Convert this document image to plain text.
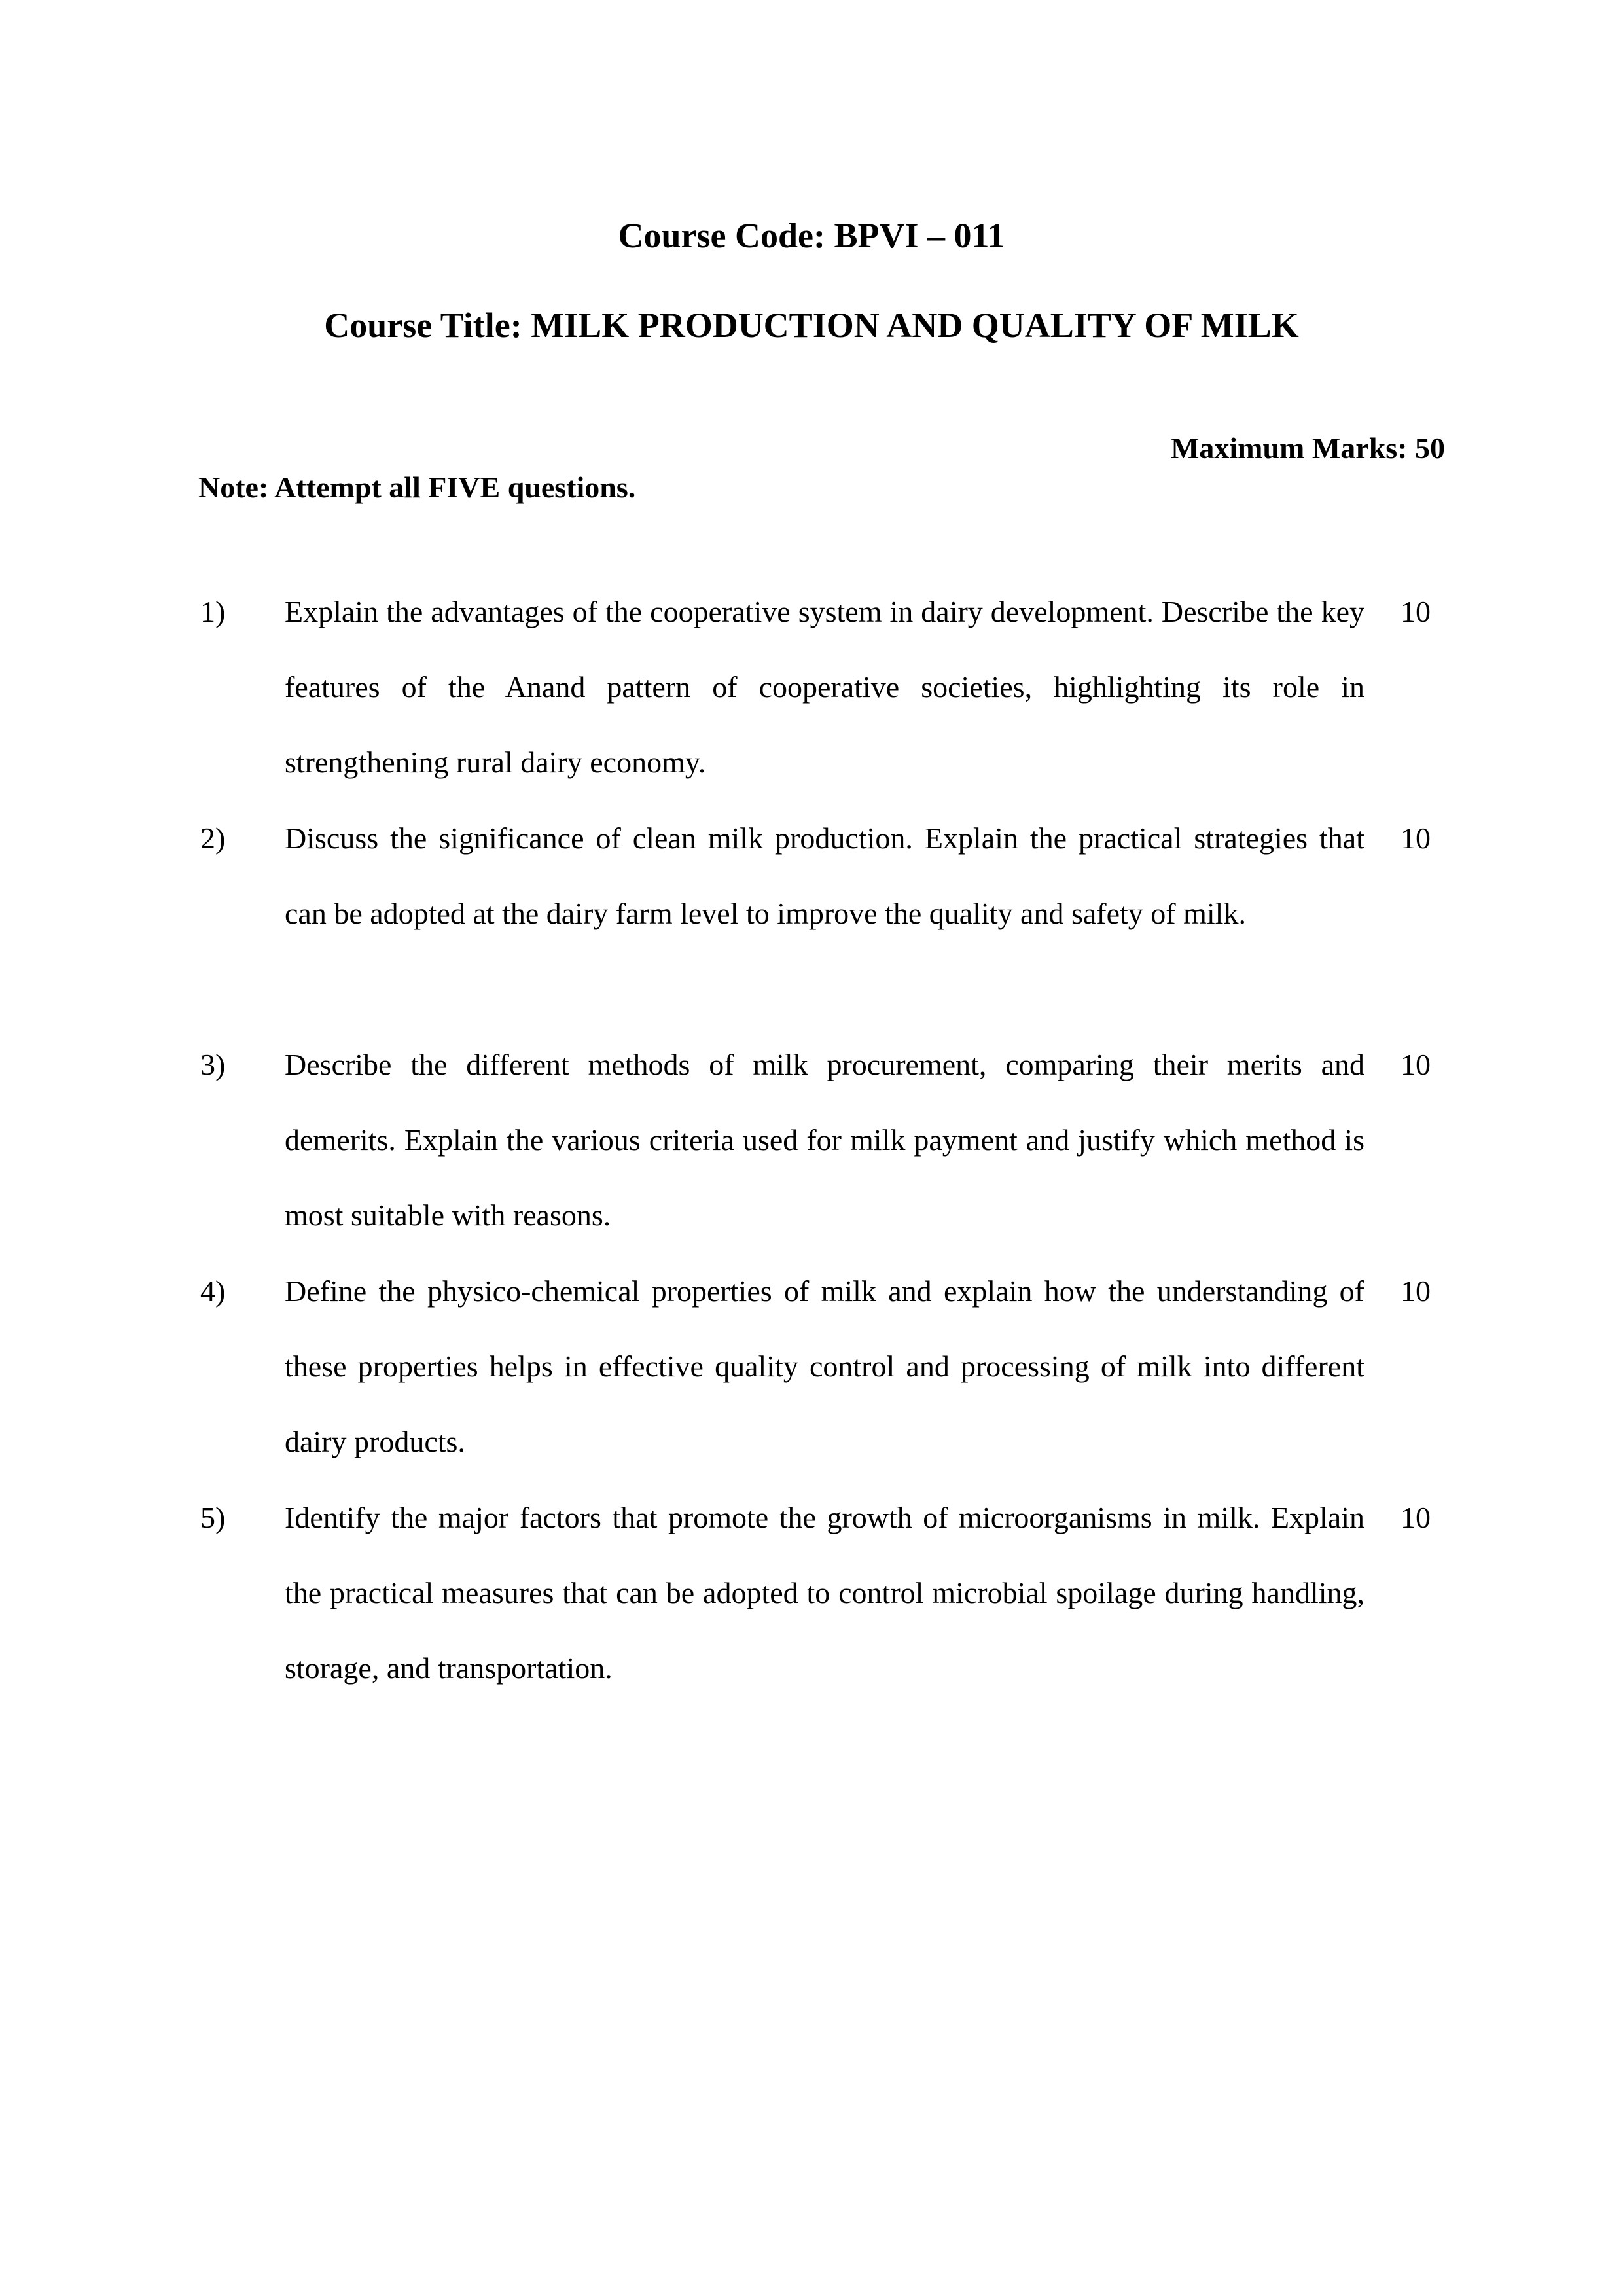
Course Code: BPVI – 011
Course Title: MILK PRODUCTION AND QUALITY OF MILK
Maximum Marks: 50
Note: Attempt all FIVE questions.
1) Explain the advantages of the cooperative system in dairy development. Describe the key features of the Anand pattern of cooperative societies, highlighting its role in strengthening rural dairy economy.
10
2) Discuss the significance of clean milk production. Explain the practical strategies that can be adopted at the dairy farm level to improve the quality and safety of milk.
10
3) Describe the different methods of milk procurement, comparing their merits and demerits. Explain the various criteria used for milk payment and justify which method is most suitable with reasons.
10
4) Define the physico-chemical properties of milk and explain how the understanding of these properties helps in effective quality control and processing of milk into different dairy products.
10
5) Identify the major factors that promote the growth of microorganisms in milk. Explain the practical measures that can be adopted to control microbial spoilage during handling, storage, and transportation.
10
